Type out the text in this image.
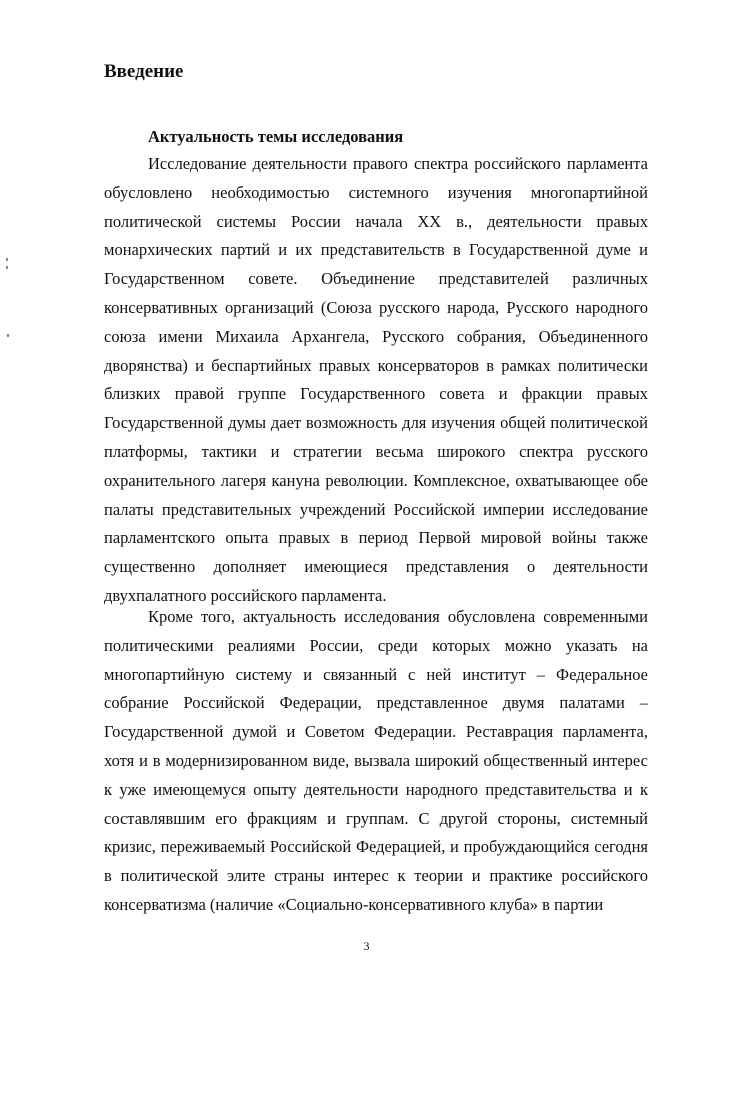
Введение
Актуальность темы исследования

Исследование деятельности правого спектра российского парламента обусловлено необходимостью системного изучения многопартийной политической системы России начала XX в., деятельности правых монархических партий и их представительств в Государственной думе и Государственном совете. Объединение представителей различных консервативных организаций (Союза русского народа, Русского народного союза имени Михаила Архангела, Русского собрания, Объединенного дворянства) и беспартийных правых консерваторов в рамках политически близких правой группе Государственного совета и фракции правых Государственной думы дает возможность для изучения общей политической платформы, тактики и стратегии весьма широкого спектра русского охранительного лагеря кануна революции. Комплексное, охватывающее обе палаты представительных учреждений Российской империи исследование парламентского опыта правых в период Первой мировой войны также существенно дополняет имеющиеся представления о деятельности двухпалатного российского парламента.

Кроме того, актуальность исследования обусловлена современными политическими реалиями России, среди которых можно указать на многопартийную систему и связанный с ней институт – Федеральное собрание Российской Федерации, представленное двумя палатами – Государственной думой и Советом Федерации. Реставрация парламента, хотя и в модернизированном виде, вызвала широкий общественный интерес к уже имеющемуся опыту деятельности народного представительства и к составлявшим его фракциям и группам. С другой стороны, системный кризис, переживаемый Российской Федерацией, и пробуждающийся сегодня в политической элите страны интерес к теории и практике российского консерватизма (наличие «Социально-консервативного клуба» в партии

3
